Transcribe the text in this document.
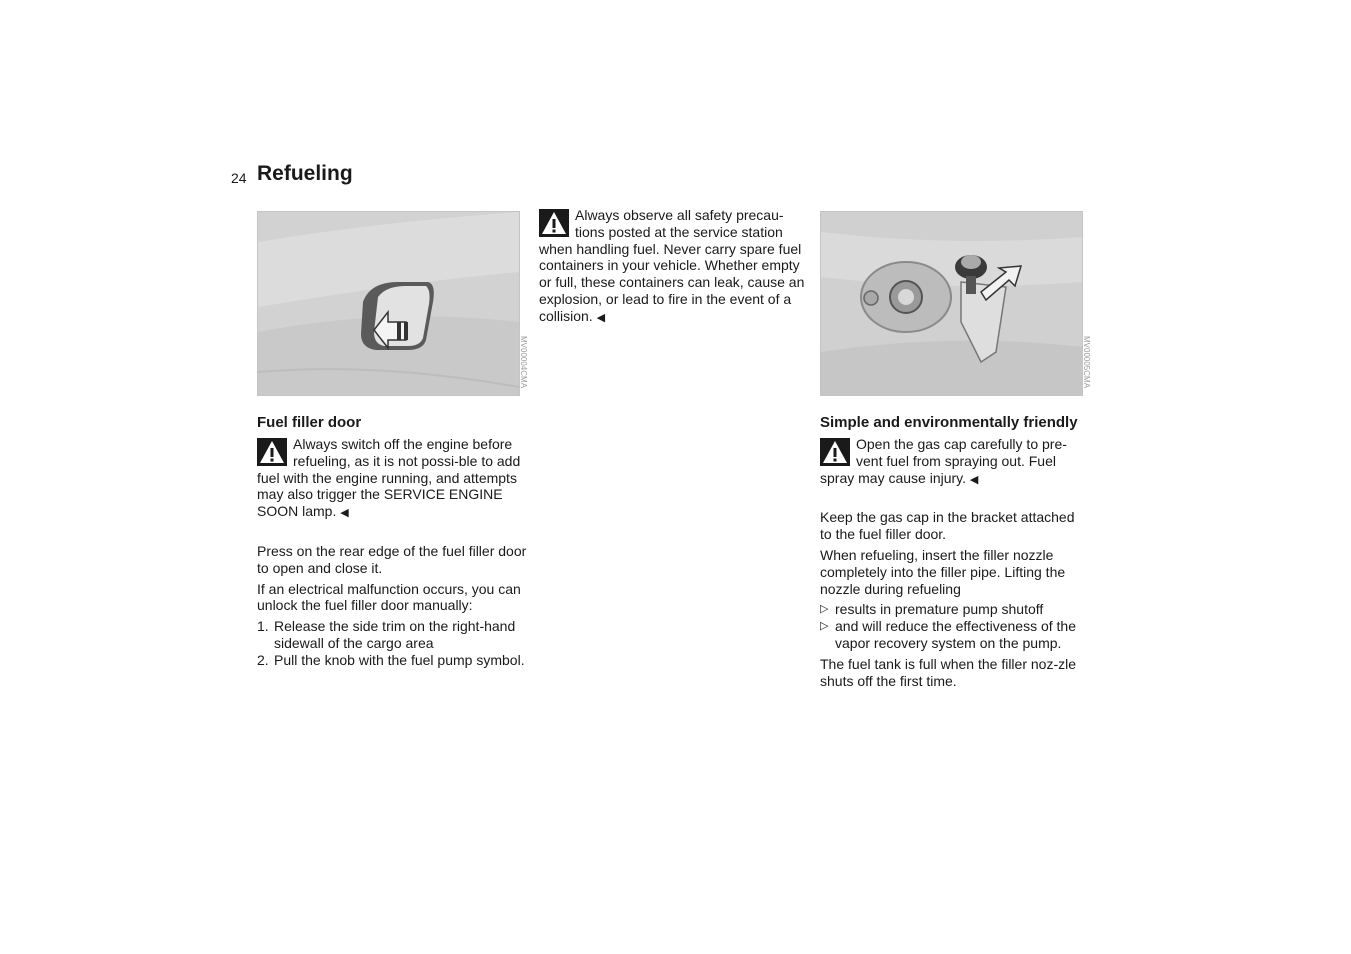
24 Refueling
MV00004CMA
Fuel filler door
Always switch off the engine before refueling, as it is not possi-ble to add fuel with the engine running, and attempts may also trigger the SERVICE ENGINE SOON lamp. ◀

Press on the rear edge of the fuel filler door to open and close it.

If an electrical malfunction occurs, you can unlock the fuel filler door manually:

1. Release the side trim on the right-hand sidewall of the cargo area
2. Pull the knob with the fuel pump symbol.
Always observe all safety precau-tions posted at the service station when handling fuel. Never carry spare fuel containers in your vehicle. Whether empty or full, these containers can leak, cause an explosion, or lead to fire in the event of a collision. ◀
MV00005CMA
Simple and environmentally friendly
Open the gas cap carefully to pre-vent fuel from spraying out. Fuel spray may cause injury. ◀

Keep the gas cap in the bracket attached to the fuel filler door.

When refueling, insert the filler nozzle completely into the filler pipe. Lifting the nozzle during refueling

▷ results in premature pump shutoff
▷ and will reduce the effectiveness of the vapor recovery system on the pump.

The fuel tank is full when the filler noz-zle shuts off the first time.
